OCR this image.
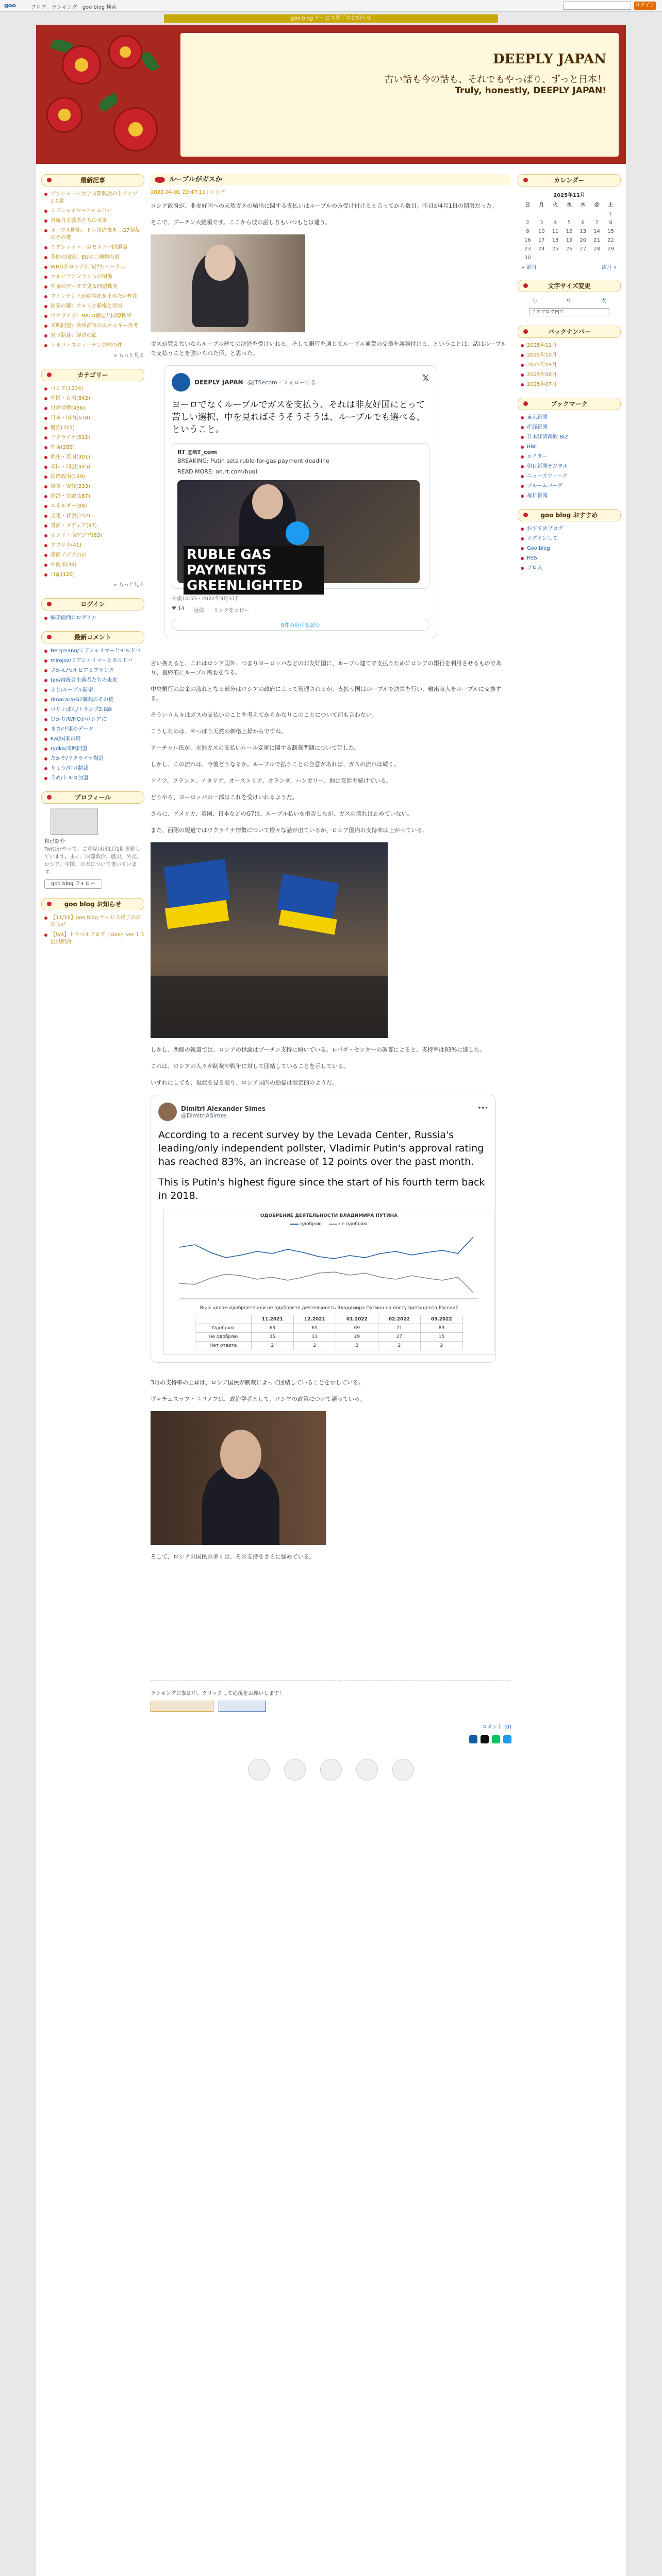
goo	ブログ　ランキング　goo blog 検索	ログイン
goo blog サービス終了のお知らせ
DEEPLY JAPAN
古い話も今の話も、それでもやっぱり、ずっと日本！
Truly, honestly, DEEPLY JAPAN!
最新記事
プリンストン大学国際教授のトランプ2.0論
ミアシャイマーとモルドバ
再統合主義者たちの未来
ルーブル防衛、ドル決済抜き：G7制裁のその後
ミアシャイマーのモルドバ問題論
英国の国家：EUの二種類の道
WHOがロシアに向けたハードル
セルビアとフランスの関係
中東のデータで見る同盟動向
フィンランドが軍事化を止めたい理由
国家の鍵：アメリカ覇権と帝国
ウクライナ：NATO撤退と国際秩序
米欧同盟：欧州高官のエネルギー再考
対ロ制裁：経済の底
トルコ・スウェーデン加盟の件
» もっと見る
カテゴリー
ロシア(1234)
中国・台湾(842)
世界情勢(456)
日本・国内(678)
歴史(321)
ウクライナ(512)
中東(289)
欧州・英国(301)
米国・同盟(445)
国際政治(199)
軍事・安保(233)
経済・金融(167)
エネルギー(88)
文化・社会(152)
書評・メディア(97)
インド・南アジア(63)
アフリカ(41)
東南アジア(52)
中南米(38)
日記(120)
» もっと見る
ログイン
編集画面にログイン
最新コメント
Bergmann/ミアシャイマーとモルドバ
mirojoz/ミアシャイマーとモルドバ
さかえ/セルビアとフランス
tao/再統合主義者たちの未来
ふじ/ルーブル防衛
rimacara/G7制裁のその後
ロリ＋ぽん/トランプ2.0論
ひかり/WHOがロシアに
まさ/中東のデータ
Kai/国家の鍵
ryoka/米欧同盟
たかや/ウクライナ撤退
りょう/対ロ制裁
うめ/トルコ加盟
プロフィール
自己紹介
Twitterやって、ご意見ほぼ1日1回更新しています。主に、国際政治、歴史、外交、ロシア、中国、日本について書いています。
goo blog フォロー
goo blog お知らせ
【11/18】goo blog サービス終了のお知らせ
【9/4】トラベルブログ（Goo）ver 1.3 提供開始
カレンダー
2025年11月
日	月	火	水	木	金	土
						1
2	3	4	5	6	7	8
9	10	11	12	13	14	15
16	17	18	19	20	21	22
23	24	25	26	27	28	29
30						
« 前月	次月 »
文字サイズ変更
小	中	大
このブログ内で
バックナンバー
2025年11月
2025年10月
2025年09月
2025年08月
2025年07月
ブックマーク
東京新聞
産経新聞
日本経済新聞 BIZ
BBC
ロイター
朝日新聞デジタル
ニューズウィーク
ブルームバーグ
毎日新聞
goo blog おすすめ
おすすめブログ
ログインして
Goo blog
RSS
ブロ友
ルーブルがガスか
2022-04-01 22:47:11 | ロシア

ロシア政府が、非友好国への天然ガスの輸出に関する支払いはルーブルのみ受け付けると言ってから数日。昨日が4月1日の期限だった。

そこで、プーチン大統領です。ここから彼の話し方もいつもとは違う。

ガスが買えないならルーブル建ての決済を受けいれる。そして銀行を通じてルーブル通貨の交換を義務付ける、ということは、話はルーブルで支払うことを強いられた形、と思った。

DEEPLY JAPAN @JTSecom · フォローする	𝕏
ヨーロでなくルーブルでガスを支払う、それは非友好国にとって苦しい選択、中を見ればそうそうそうは、ルーブルでも選べる、ということ。
RT @RT_com
BREAKING: Putin sets ruble-for-gas payment deadline
READ MORE: on.rt.com/buql
RUBLE GAS PAYMENTS GREENLIGHTED
午後10:55 · 2022年3月31日
♥ 14 返信 リンクをコピー
8件の返信を読む

言い換えると、これはロシア国外、つまりヨーロッパなどの非友好国に、ルーブル建てで支払うためにロシアの銀行を利用させるものであり、最終的にルーブル需要を作る。

中央銀行のお金の流れとなる部分はロシアの政府によって管理されるが、支払う国はルーブルで決算を行い、輸出収入をルーブルに交換する。

そういう人々はガスの支払いのことを考えてからかなりこのことについて何も言わない。

こうしたのは、やっぱり天然の価格上昇からですね。

アーチャル氏が、天然ガスの支払いルール変更に関する制裁問題について話した。

しかし、この流れは、今後どうなるか。ルーブルで払うことの合意があれば、ガスの流れは続く。

ドイツ、フランス、イタリア、オーストリア、オランダ、ハンガリー、他は交渉を続けている。

どうやら、ヨーロッパの一部はこれを受けいれるようだ。

さらに、アメリカ、英国、日本などのG7は、ルーブル払いを拒否したが、ガスの流れは止めていない。

また、西側の報道ではウクライナ情勢について様々な話が出ているが、ロシア国内の支持率は上がっている。

しかし、西側の報道では、ロシアの世論はプーチン支持に傾いている。レバダ・センターの調査によると、支持率は83%に達した。

これは、ロシアの人々が制裁や戦争に対して団結していることを示している。

いずれにしても、現状を見る限り、ロシア国内の動揺は限定的のようだ。

Dimitri Alexander Simes
@DimitriASimes
···
According to a recent survey by the Levada Center, Russia's leading/only independent pollster, Vladimir Putin's approval rating has reached 83%, an increase of 12 points over the past month.
This is Putin's highest figure since the start of his fourth term back in 2018.
ОДОБРЕНИЕ ДЕЯТЕЛЬНОСТИ ВЛАДИМИРА ПУТИНА
одобряю	не одобряю
Вы в целом одобряете или не одобряете деятельность Владимира Путина на посту президента России?
	11.2021	12.2021	01.2022	02.2022	03.2022
Одобряю	63	65	69	71	83
Не одобряю	35	33	29	27	15
Нет ответа	2	2	2	2	2

3月の支持率の上昇は、ロシア国民が制裁によって団結していることを示している。

ヴャチェスラフ・ニコノフは、政治学者として、ロシアの政策について語っている。

そして、ロシアの国民の多くは、その支持をさらに強めている。

ランキングに参加中。クリックして応援をお願いします！
コメント (0)
